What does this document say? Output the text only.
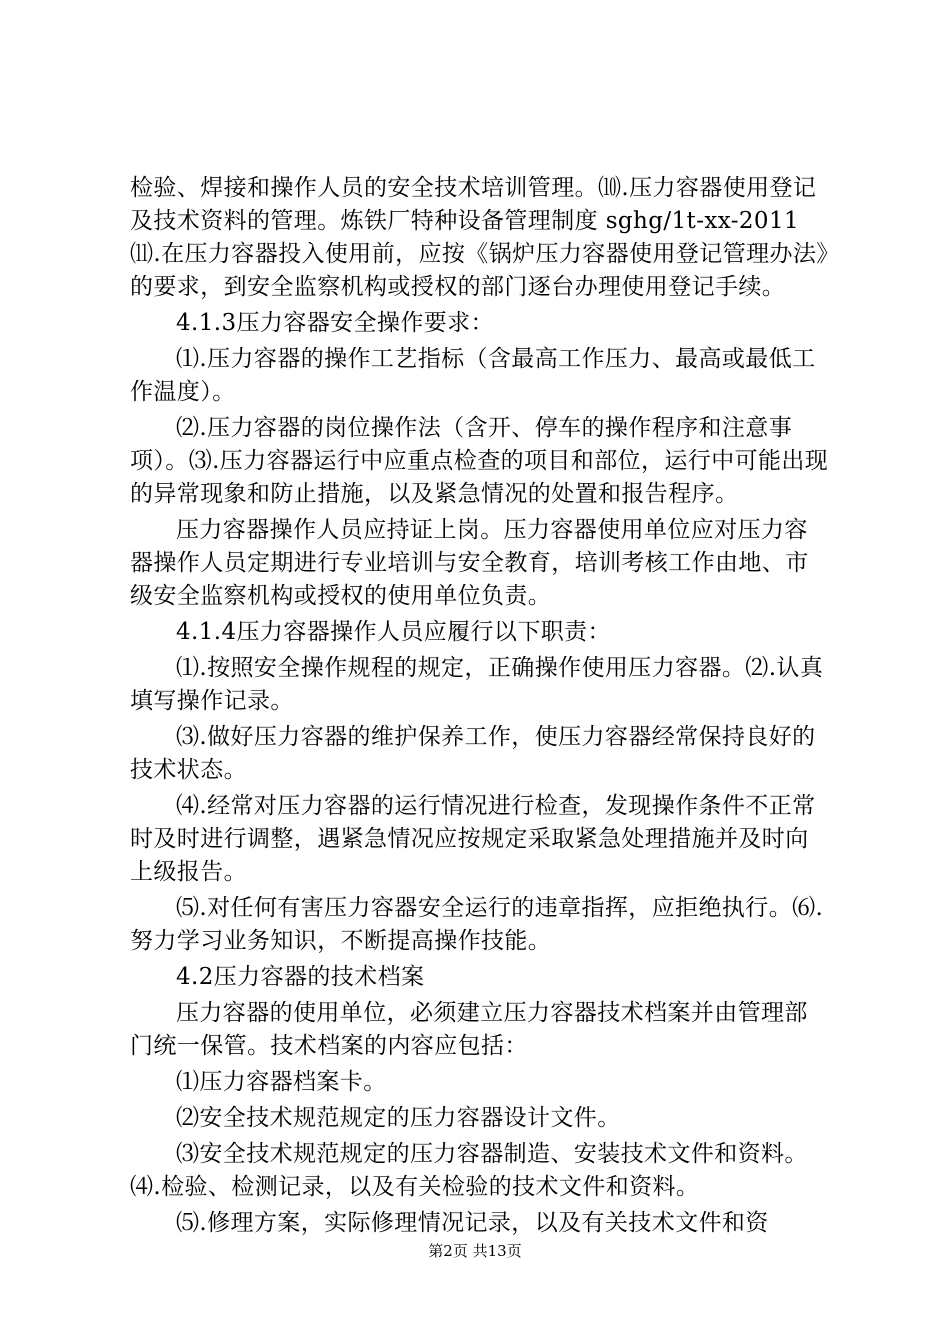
检验、焊接和操作人员的安全技术培训管理。⑽.压力容器使用登记及技术资料的管理。炼铁厂特种设备管理制度 sghg/1t-xx-2011⑾.在压力容器投入使用前，应按《锅炉压力容器使用登记管理办法》的要求，到安全监察机构或授权的部门逐台办理使用登记手续。

4.1.3压力容器安全操作要求：

⑴.压力容器的操作工艺指标（含最高工作压力、最高或最低工作温度）。

⑵.压力容器的岗位操作法（含开、停车的操作程序和注意事项）。⑶.压力容器运行中应重点检查的项目和部位，运行中可能出现的异常现象和防止措施，以及紧急情况的处置和报告程序。

压力容器操作人员应持证上岗。压力容器使用单位应对压力容器操作人员定期进行专业培训与安全教育，培训考核工作由地、市级安全监察机构或授权的使用单位负责。

4.1.4压力容器操作人员应履行以下职责：

⑴.按照安全操作规程的规定，正确操作使用压力容器。⑵.认真填写操作记录。

⑶.做好压力容器的维护保养工作，使压力容器经常保持良好的技术状态。

⑷.经常对压力容器的运行情况进行检查，发现操作条件不正常时及时进行调整，遇紧急情况应按规定采取紧急处理措施并及时向上级报告。

⑸.对任何有害压力容器安全运行的违章指挥，应拒绝执行。⑹.努力学习业务知识，不断提高操作技能。

4.2压力容器的技术档案

压力容器的使用单位，必须建立压力容器技术档案并由管理部门统一保管。技术档案的内容应包括：

⑴压力容器档案卡。

⑵安全技术规范规定的压力容器设计文件。

⑶安全技术规范规定的压力容器制造、安装技术文件和资料。⑷.检验、检测记录，以及有关检验的技术文件和资料。

⑸.修理方案，实际修理情况记录，以及有关技术文件和资

第2页 共13页
